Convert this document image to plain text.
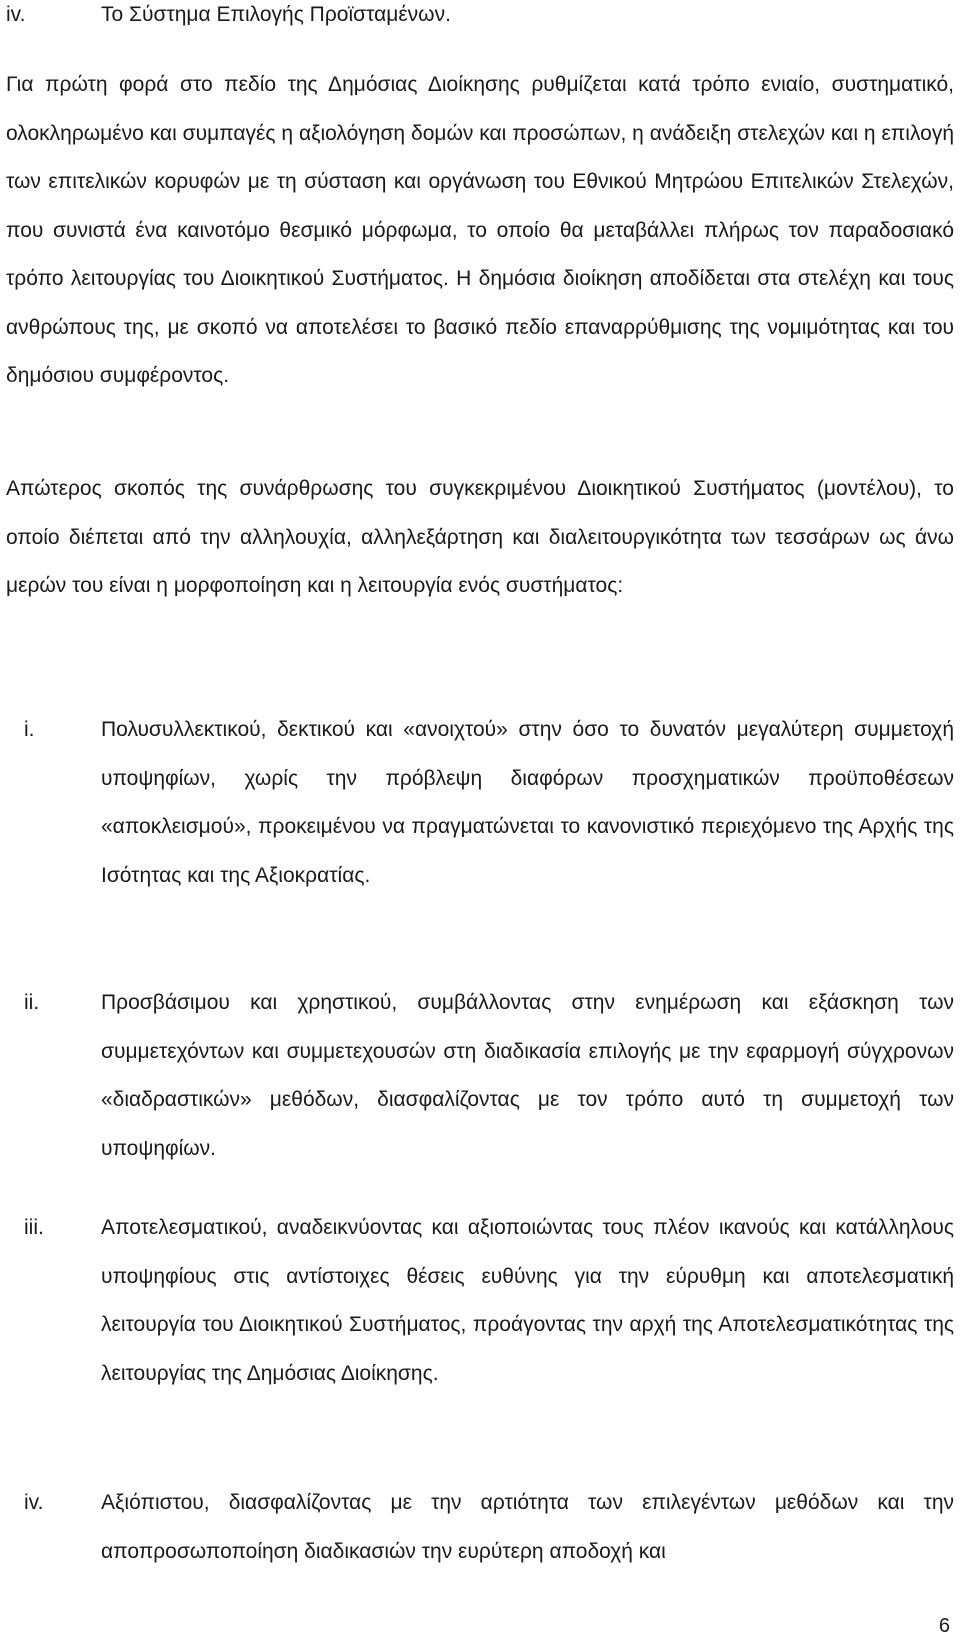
iv.	Το Σύστημα Επιλογής Προϊσταμένων.

Για πρώτη φορά στο πεδίο της Δημόσιας Διοίκησης ρυθμίζεται κατά τρόπο ενιαίο, συστηματικό, ολοκληρωμένο και συμπαγές η αξιολόγηση δομών και προσώπων, η ανάδειξη στελεχών και η επιλογή των επιτελικών κορυφών με τη σύσταση και οργάνωση του Εθνικού Μητρώου Επιτελικών Στελεχών, που συνιστά ένα καινοτόμο θεσμικό μόρφωμα, το οποίο θα μεταβάλλει πλήρως τον παραδοσιακό τρόπο λειτουργίας του Διοικητικού Συστήματος. Η δημόσια διοίκηση αποδίδεται στα στελέχη και τους ανθρώπους της, με σκοπό να αποτελέσει το βασικό πεδίο επαναρρύθμισης της νομιμότητας και του δημόσιου συμφέροντος.

Απώτερος σκοπός της συνάρθρωσης του συγκεκριμένου Διοικητικού Συστήματος (μοντέλου), το οποίο διέπεται από την αλληλουχία, αλληλεξάρτηση και διαλειτουργικότητα των τεσσάρων ως άνω μερών του είναι η μορφοποίηση και η λειτουργία ενός συστήματος:

i.	Πολυσυλλεκτικού, δεκτικού και «ανοιχτού» στην όσο το δυνατόν μεγαλύτερη συμμετοχή υποψηφίων, χωρίς την πρόβλεψη διαφόρων προσχηματικών προϋποθέσεων «αποκλεισμού», προκειμένου να πραγματώνεται το κανονιστικό περιεχόμενο της Αρχής της Ισότητας και της Αξιοκρατίας.
ii.	Προσβάσιμου και χρηστικού, συμβάλλοντας στην ενημέρωση και εξάσκηση των συμμετεχόντων και συμμετεχουσών στη διαδικασία επιλογής με την εφαρμογή σύγχρονων «διαδραστικών» μεθόδων, διασφαλίζοντας με τον τρόπο αυτό τη συμμετοχή των υποψηφίων.
iii.	Αποτελεσματικού, αναδεικνύοντας και αξιοποιώντας τους πλέον ικανούς και κατάλληλους υποψηφίους στις αντίστοιχες θέσεις ευθύνης για την εύρυθμη και αποτελεσματική λειτουργία του Διοικητικού Συστήματος, προάγοντας την αρχή της Αποτελεσματικότητας της λειτουργίας της Δημόσιας Διοίκησης.
iv.	Αξιόπιστου, διασφαλίζοντας με την αρτιότητα των επιλεγέντων μεθόδων και την αποπροσωποποίηση διαδικασιών την ευρύτερη αποδοχή και
6
